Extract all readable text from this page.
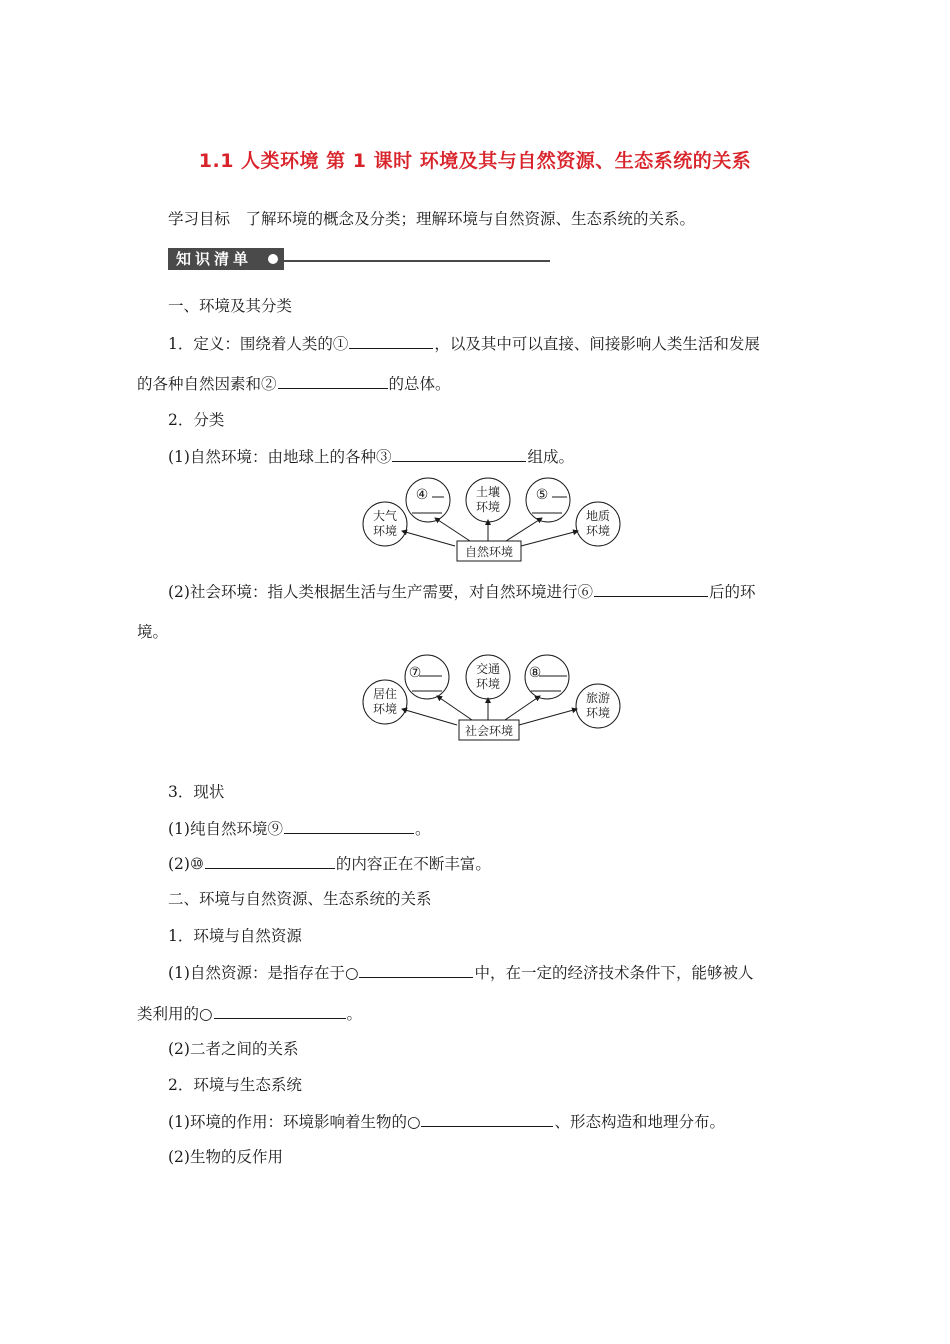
1.1 人类环境 第 1 课时 环境及其与自然资源、生态系统的关系
学习目标　了解环境的概念及分类；理解环境与自然资源、生态系统的关系。
知识清单
一、环境及其分类
1．定义：围绕着人类的①	，以及其中可以直接、间接影响人类生活和发展
的各种自然因素和②	的总体。
2．分类
(1)自然环境：由地球上的各种③	组成。
大气
环境
④	土壤
环境
⑤
地质
环境
自然环境
(2)社会环境：指人类根据生活与生产需要，对自然环境进行⑥	后的环
境。
居住
环境
⑦	交通
环境
⑧
旅游
环境
社会环境
3．现状
(1)纯自然环境⑨	。
(2)⑩	的内容正在不断丰富。
二、环境与自然资源、生态系统的关系
1．环境与自然资源
(1)自然资源：是指存在于○	中，在一定的经济技术条件下，能够被人
类利用的○	。
(2)二者之间的关系
2．环境与生态系统
(1)环境的作用：环境影响着生物的○	、形态构造和地理分布。
(2)生物的反作用
